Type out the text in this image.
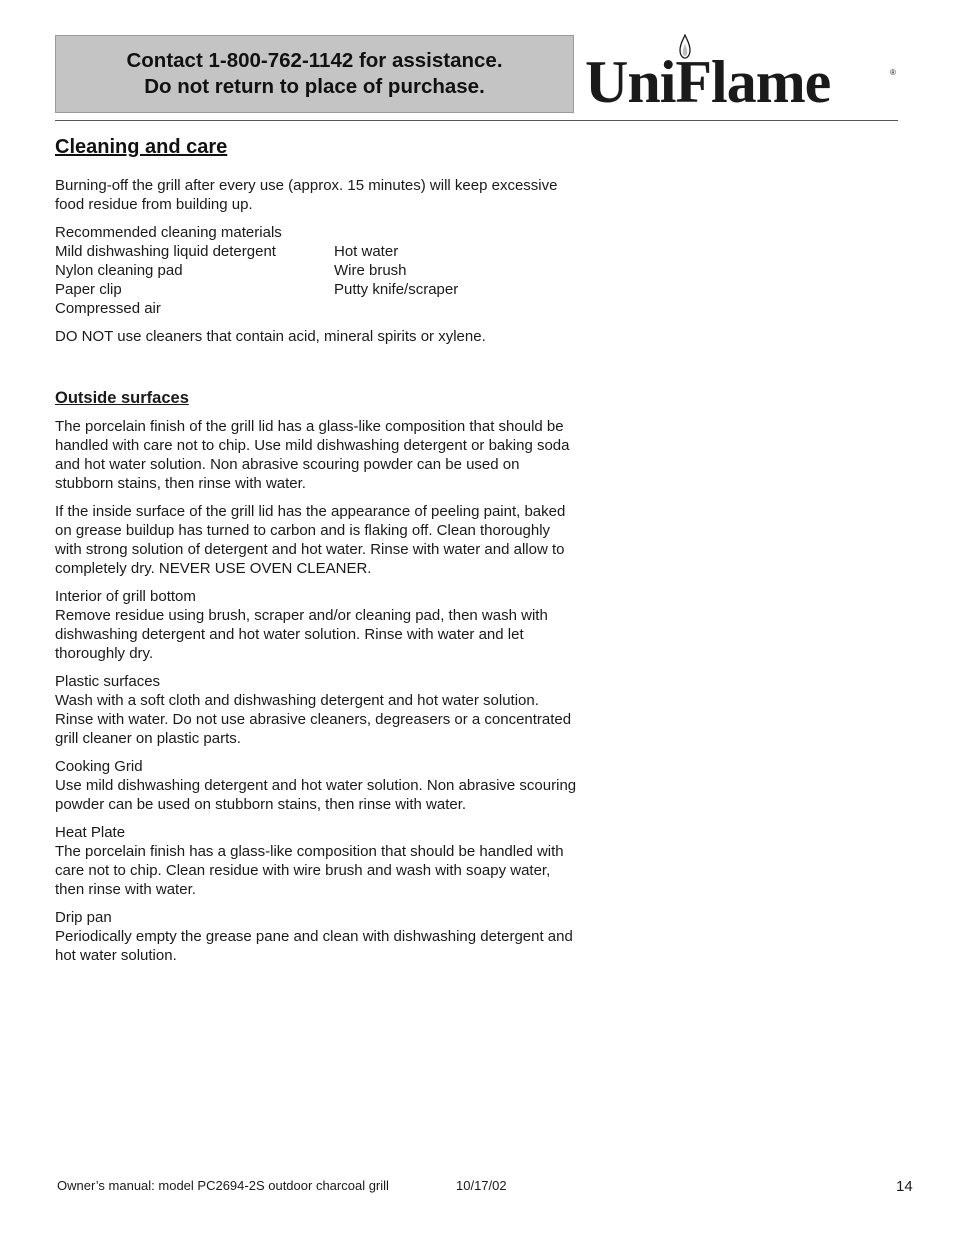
Contact 1-800-762-1142 for assistance.
Do not return to place of purchase. UniFlame	®
Cleaning and care

Burning-off the grill after every use (approx. 15 minutes) will keep excessive food residue from building up.

Recommended cleaning materials
Mild dishwashing liquid detergent	Hot water
Nylon cleaning pad	Wire brush
Paper clip	Putty knife/scraper
Compressed air

DO NOT use cleaners that contain acid, mineral spirits or xylene.

Outside surfaces

The porcelain finish of the grill lid has a glass-like composition that should be handled with care not to chip. Use mild dishwashing detergent or baking soda and hot water solution. Non abrasive scouring powder can be used on stubborn stains, then rinse with water.

If the inside surface of the grill lid has the appearance of peeling paint, baked on grease buildup has turned to carbon and is flaking off. Clean thoroughly with strong solution of detergent and hot water. Rinse with water and allow to completely dry. NEVER USE OVEN CLEANER.

Interior of grill bottom
Remove residue using brush, scraper and/or cleaning pad, then wash with dishwashing detergent and hot water solution. Rinse with water and let thoroughly dry.

Plastic surfaces
Wash with a soft cloth and dishwashing detergent and hot water solution. Rinse with water. Do not use abrasive cleaners, degreasers or a concentrated grill cleaner on plastic parts.

Cooking Grid
Use mild dishwashing detergent and hot water solution. Non abrasive scouring powder can be used on stubborn stains, then rinse with water.

Heat Plate
The porcelain finish has a glass-like composition that should be handled with care not to chip. Clean residue with wire brush and wash with soapy water, then rinse with water.

Drip pan
Periodically empty the grease pane and clean with dishwashing detergent and hot water solution.

Owner’s manual: model PC2694-2S outdoor charcoal grill	10/17/02	14
